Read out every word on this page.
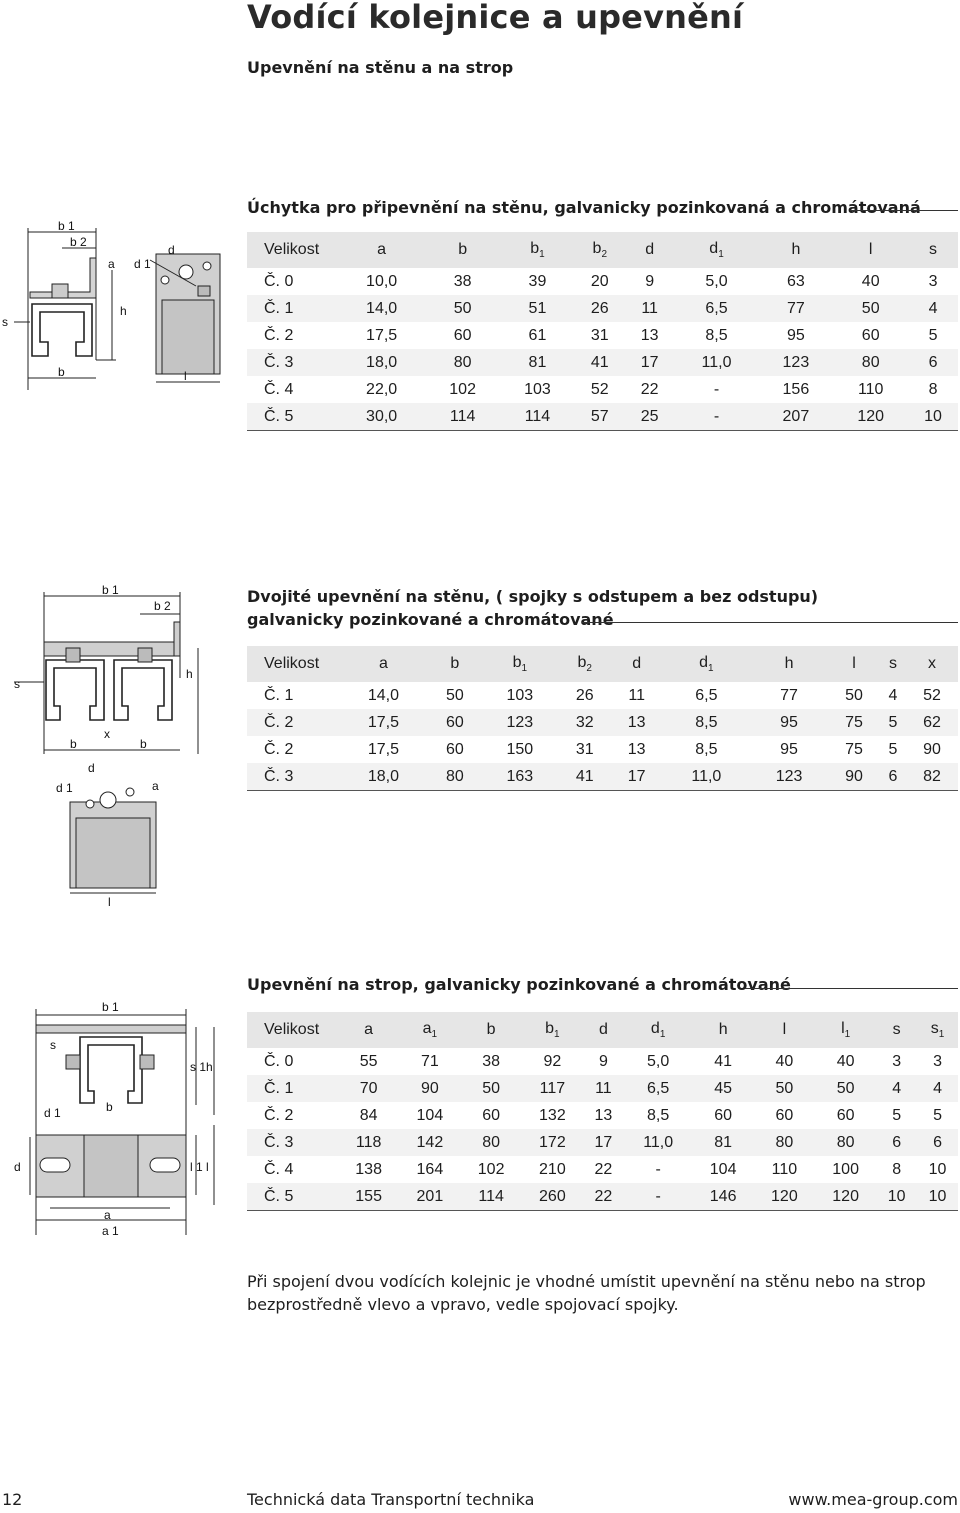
Vodící kolejnice a upevnění
Upevnění na stěnu a na strop
Úchytka pro připevnění na stěnu, galvanicky pozinkovaná a chromátovaná
b 1
b 2
a
h
d 1
d
s
b	l
Velikost	a	b	$b_1$	$b_2$	d	$d_1$	h	l	s
Č. 0	10,0	38	39	20	9	5,0	63	40	3
Č. 1	14,0	50	51	26	11	6,5	77	50	4
Č. 2	17,5	60	61	31	13	8,5	95	60	5
Č. 3	18,0	80	81	41	17	11,0	123	80	6
Č. 4	22,0	102	103	52	22	-	156	110	8
Č. 5	30,0	114	114	57	25	-	207	120	10
Dvojité upevnění na stěnu, ( spojky s odstupem a bez odstupu)
galvanicky pozinkované a chromátované
b 1
b 2
h
s
x
b	b
d 1
d
a
l
Velikost	a	b	$b_1$	$b_2$	d	$d_1$	h	l	s	x
Č. 1	14,0	50	103	26	11	6,5	77	50	4	52
Č. 2	17,5	60	123	32	13	8,5	95	75	5	62
Č. 2	17,5	60	150	31	13	8,5	95	75	5	90
Č. 3	18,0	80	163	41	17	11,0	123	90	6	82
Upevnění na strop, galvanicky pozinkované a chromátované
b 1
s
s 1 h
d 1	b
d	l 1 l
a
a 1
Velikost	a	$a_1$	b	$b_1$	d	$d_1$	h	l	$l_1$	s	$s_1$
Č. 0	55	71	38	92	9	5,0	41	40	40	3	3
Č. 1	70	90	50	117	11	6,5	45	50	50	4	4
Č. 2	84	104	60	132	13	8,5	60	60	60	5	5
Č. 3	118	142	80	172	17	11,0	81	80	80	6	6
Č. 4	138	164	102	210	22	-	104	110	100	8	10
Č. 5	155	201	114	260	22	-	146	120	120	10	10
Při spojení dvou vodících kolejnic je vhodné umístit upevnění na stěnu nebo na strop bezprostředně vlevo a vpravo, vedle spojovací spojky.
12	Technická data Transportní technika	www.mea-group.com
